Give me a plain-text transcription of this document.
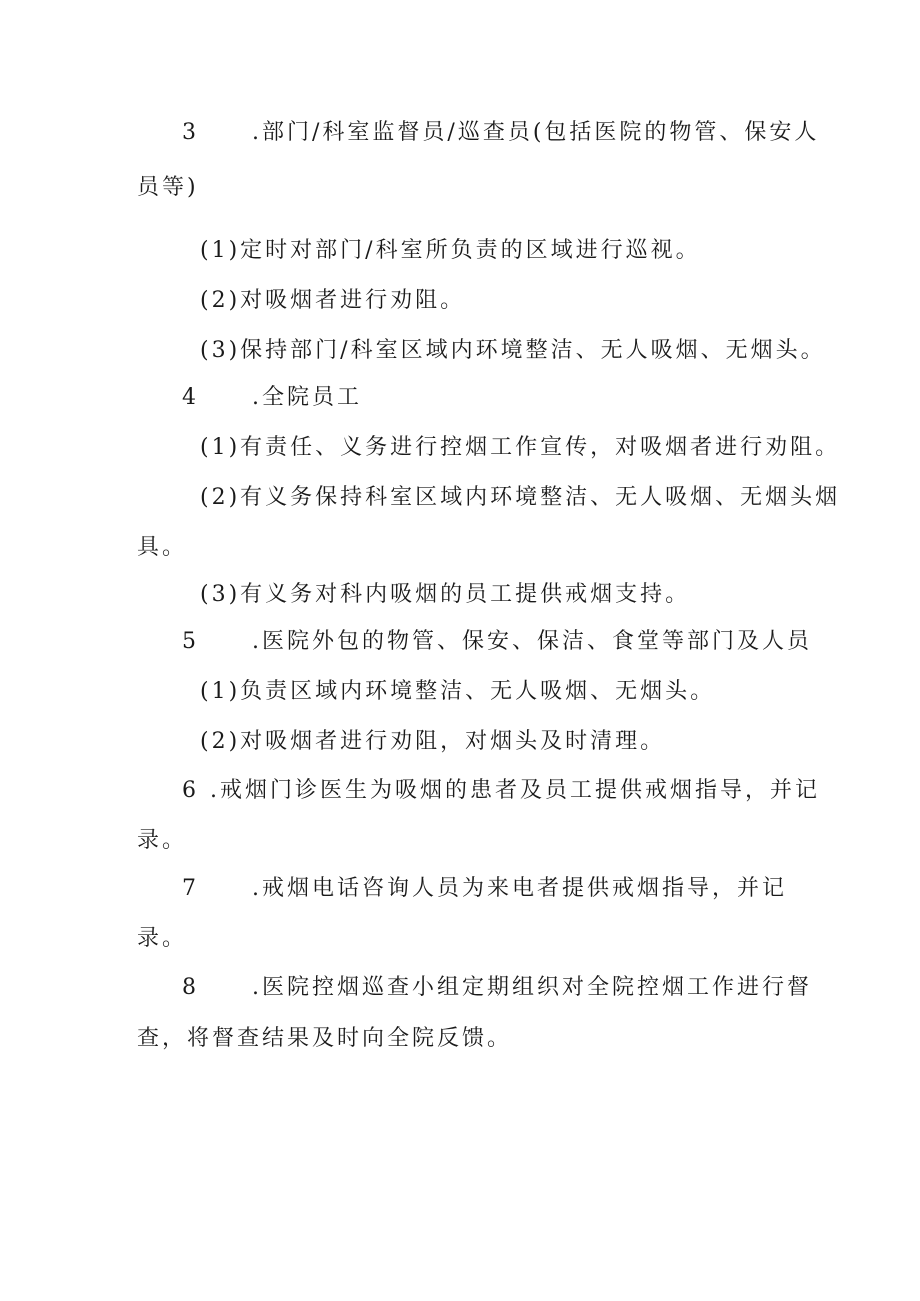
3	.部门/科室监督员/巡查员(包括医院的物管、保安人
员等)
(1)定时对部门/科室所负责的区域进行巡视。
(2)对吸烟者进行劝阻。
(3)保持部门/科室区域内环境整洁、无人吸烟、无烟头。
4	.全院员工
(1)有责任、义务进行控烟工作宣传，对吸烟者进行劝阻。
(2)有义务保持科室区域内环境整洁、无人吸烟、无烟头烟
具。
(3)有义务对科内吸烟的员工提供戒烟支持。
5	.医院外包的物管、保安、保洁、食堂等部门及人员
(1)负责区域内环境整洁、无人吸烟、无烟头。
(2)对吸烟者进行劝阻，对烟头及时清理。
6 .戒烟门诊医生为吸烟的患者及员工提供戒烟指导，并记
录。
7	.戒烟电话咨询人员为来电者提供戒烟指导，并记
录。
8	.医院控烟巡查小组定期组织对全院控烟工作进行督
查，将督查结果及时向全院反馈。
